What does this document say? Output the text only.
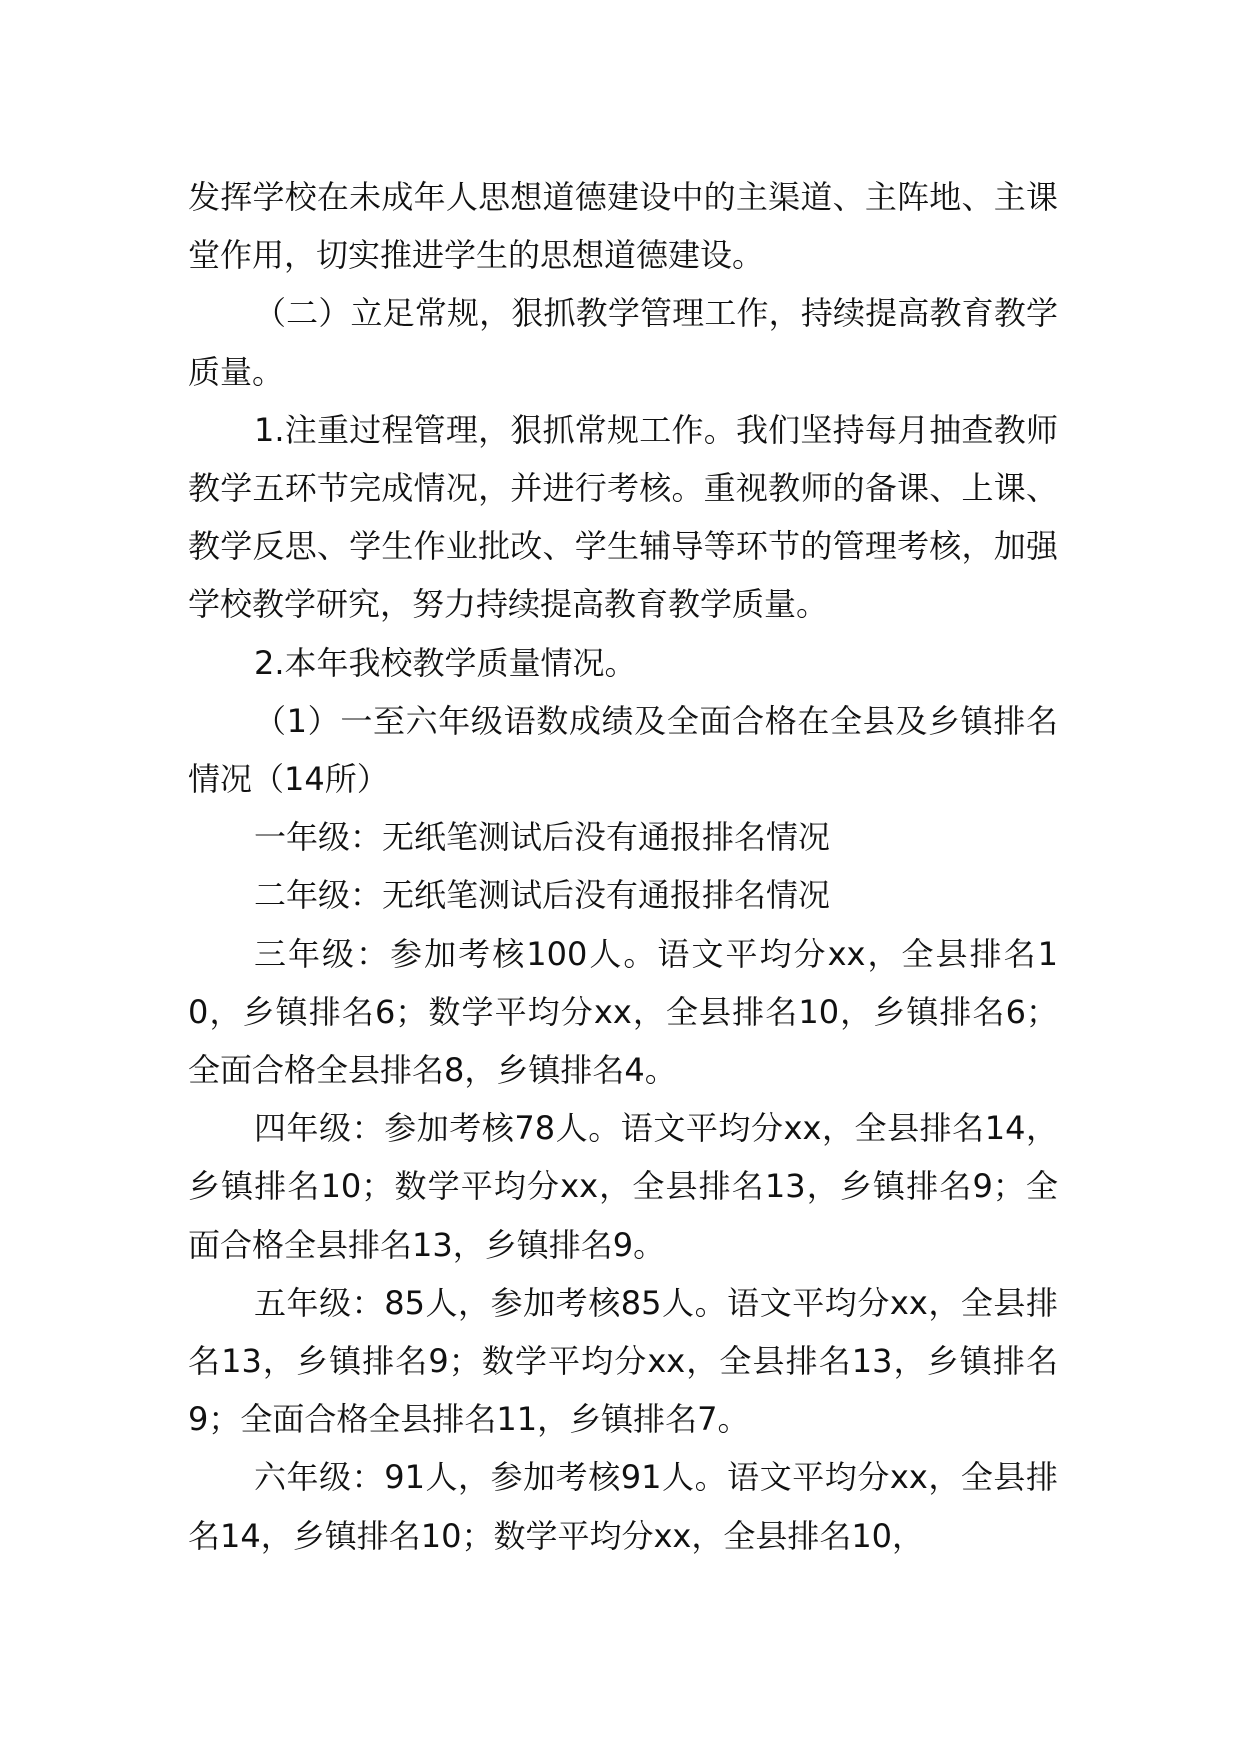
发挥学校在未成年人思想道德建设中的主渠道、主阵地、主课堂作用，切实推进学生的思想道德建设。

（二）立足常规，狠抓教学管理工作，持续提高教育教学质量。

1.注重过程管理，狠抓常规工作。我们坚持每月抽查教师教学五环节完成情况，并进行考核。重视教师的备课、上课、教学反思、学生作业批改、学生辅导等环节的管理考核，加强学校教学研究，努力持续提高教育教学质量。

2.本年我校教学质量情况。

（1）一至六年级语数成绩及全面合格在全县及乡镇排名情况（14所）

一年级：无纸笔测试后没有通报排名情况

二年级：无纸笔测试后没有通报排名情况

三年级：参加考核100人。语文平均分xx，全县排名10，乡镇排名6；数学平均分xx，全县排名10，乡镇排名6；全面合格全县排名8，乡镇排名4。

四年级：参加考核78人。语文平均分xx，全县排名14，乡镇排名10；数学平均分xx，全县排名13，乡镇排名9；全面合格全县排名13，乡镇排名9。

五年级：85人，参加考核85人。语文平均分xx，全县排名13，乡镇排名9；数学平均分xx，全县排名13，乡镇排名9；全面合格全县排名11，乡镇排名7。

六年级：91人，参加考核91人。语文平均分xx，全县排名14，乡镇排名10；数学平均分xx，全县排名10，
